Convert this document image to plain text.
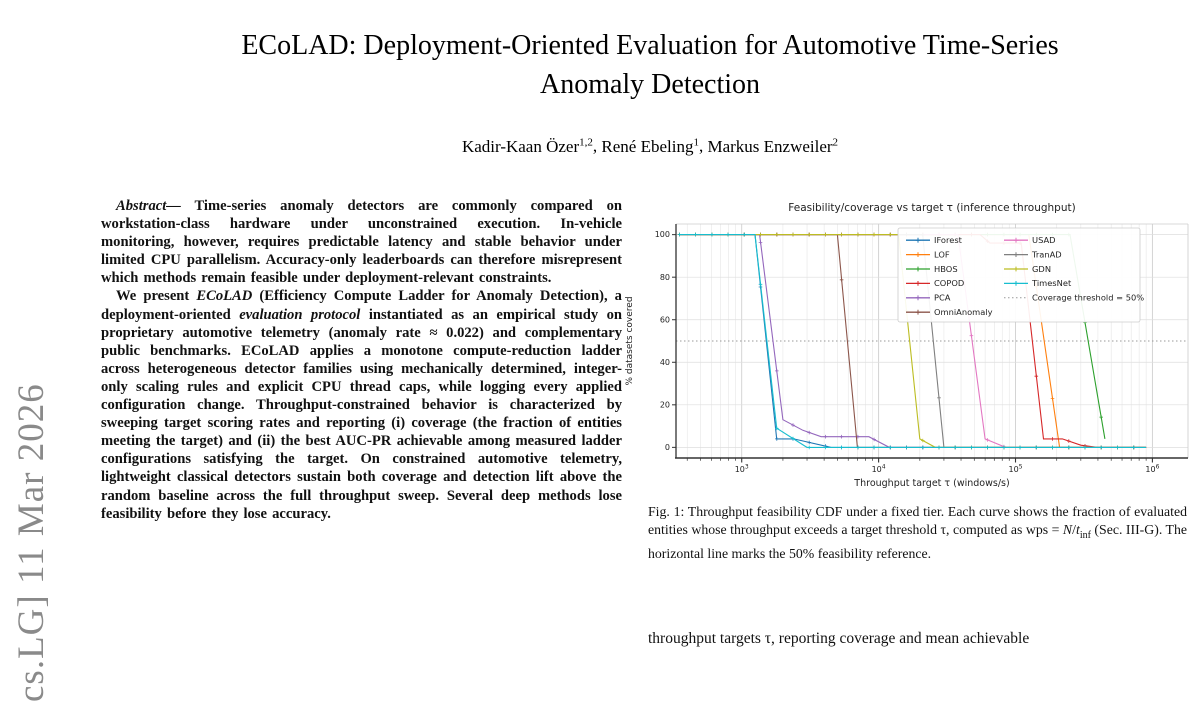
cs.LG] 11 Mar 2026
ECoLAD: Deployment-Oriented Evaluation for Automotive Time-Series
Anomaly Detection
Kadir-Kaan Özer$^{1,2}$, René Ebeling$^1$, Markus Enzweiler$^2$

Abstract— Time-series anomaly detectors are commonly compared on workstation-class hardware under unconstrained execution. In-vehicle monitoring, however, requires predictable latency and stable behavior under limited CPU parallelism. Accuracy-only leaderboards can therefore misrepresent which methods remain feasible under deployment-relevant constraints.

We present ECoLAD (Efficiency Compute Ladder for Anomaly Detection), a deployment-oriented evaluation protocol instantiated as an empirical study on proprietary automotive telemetry (anomaly rate ≈ 0.022) and complementary public benchmarks. ECoLAD applies a monotone compute-reduction ladder across heterogeneous detector families using mechanically determined, integer-only scaling rules and explicit CPU thread caps, while logging every applied configuration change. Throughput-constrained behavior is characterized by sweeping target scoring rates and reporting (i) coverage (the fraction of entities meeting the target) and (ii) the best AUC-PR achievable among measured ladder configurations satisfying the target. On constrained automotive telemetry, lightweight classical detectors sustain both coverage and detection lift above the random baseline across the full throughput sweep. Several deep methods lose feasibility before they lose accuracy.

$10^3$	$10^4$	$10^5$	$10^6$
0
20
40
60
80
100
IForest
LOF
HBOS
COPOD
PCA
OmniAnomaly
USAD
TranAD
GDN
TimesNet
Coverage threshold = 50%
Feasibility/coverage vs target τ (inference throughput)
Throughput target τ (windows/s)
% datasets covered
Fig. 1: Throughput feasibility CDF under a fixed tier. Each curve shows the fraction of evaluated entities whose throughput exceeds a target threshold τ, computed as wps = $N/t_{inf}$ (Sec. III-G). The horizontal line marks the 50% feasibility reference.
throughput targets τ, reporting coverage and mean achievable
